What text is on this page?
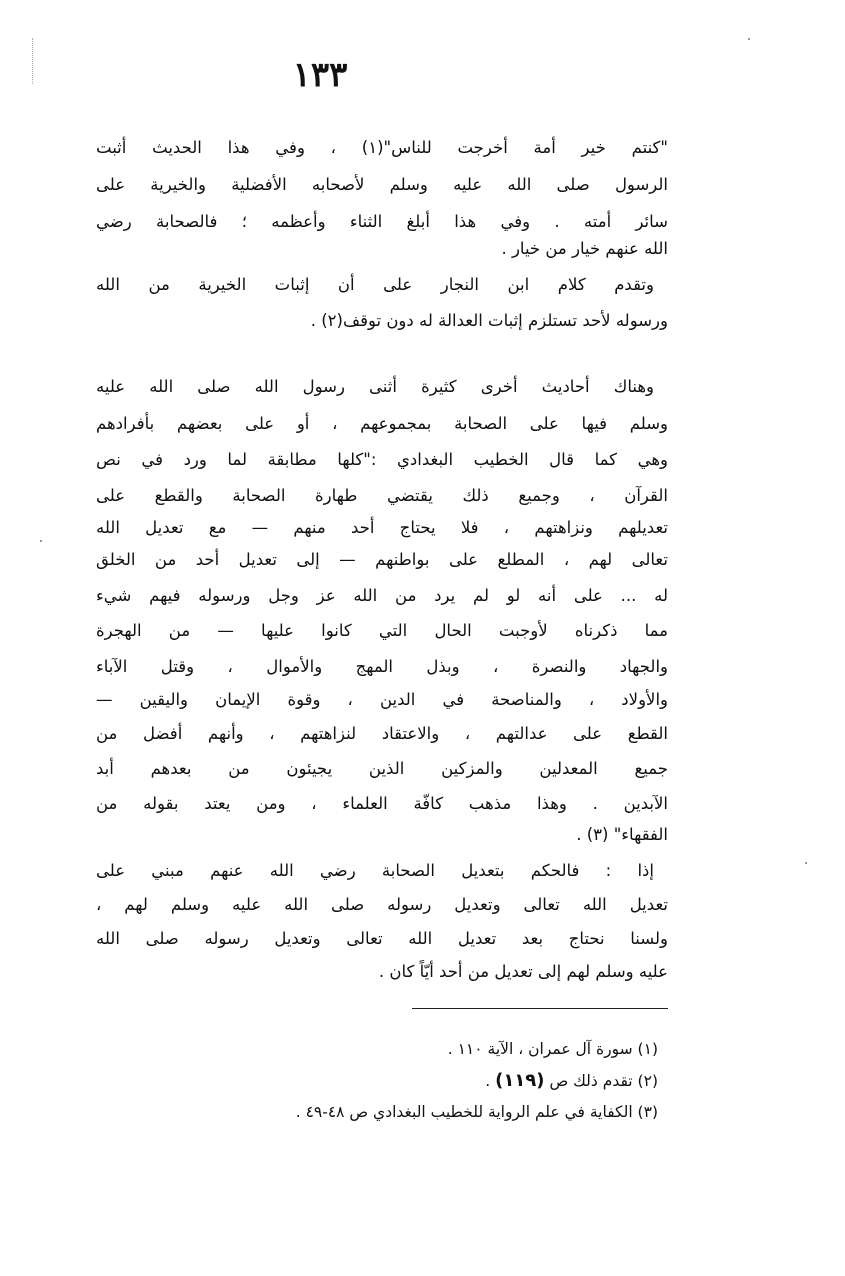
١٣٣
"كنتم خير أمة أخرجت للناس"(١) ، وفي هذا الحديث أثبت
الرسول صلى الله عليه وسلم لأصحابه الأفضلية والخيرية على
سائر أمته . وفي هذا أبلغ الثناء وأعظمه ؛ فالصحابة رضي
الله عنهم خيار من خيار .
وتقدم كلام ابن النجار على أن إثبات الخيرية من الله
ورسوله لأحد تستلزم إثبات العدالة له دون توقف(٢) .
وهناك أحاديث أخرى كثيرة أثنى رسول الله صلى الله عليه
وسلم فيها على الصحابة بمجموعهم ، أو على بعضهم بأفرادهم
وهي كما قال الخطيب البغدادي :"كلها مطابقة لما ورد في نص
القرآن ، وجميع ذلك يقتضي طهارة الصحابة والقطع على
تعديلهم ونزاهتهم ، فلا يحتاج أحد منهم — مع تعديل الله
تعالى لهم ، المطلع على بواطنهم — إلى تعديل أحد من الخلق
له ... على أنه لو لم يرد من الله عز وجل ورسوله فيهم شيء
مما ذكرناه لأوجبت الحال التي كانوا عليها — من الهجرة
والجهاد والنصرة ، وبذل المهج والأموال ، وقتل الآباء
والأولاد ، والمناصحة في الدين ، وقوة الإيمان واليقين —
القطع على عدالتهم ، والاعتقاد لنزاهتهم ، وأنهم أفضل من
جميع المعدلين والمزكين الذين يجيئون من بعدهم أبد
الآبدين . وهذا مذهب كافّة العلماء ، ومن يعتد بقوله من
الفقهاء" (٣) .
إذا : فالحكم بتعديل الصحابة رضي الله عنهم مبني على
تعديل الله تعالى وتعديل رسوله صلى الله عليه وسلم لهم ،
ولسنا نحتاج بعد تعديل الله تعالى وتعديل رسوله صلى الله
عليه وسلم لهم إلى تعديل من أحد أيّاً كان .
(١) سورة آل عمران ، الآية ١١٠ .
(٢) تقدم ذلك ص (١١٩) .
(٣) الكفاية في علم الرواية للخطيب البغدادي ص ٤٨-٤٩ .
